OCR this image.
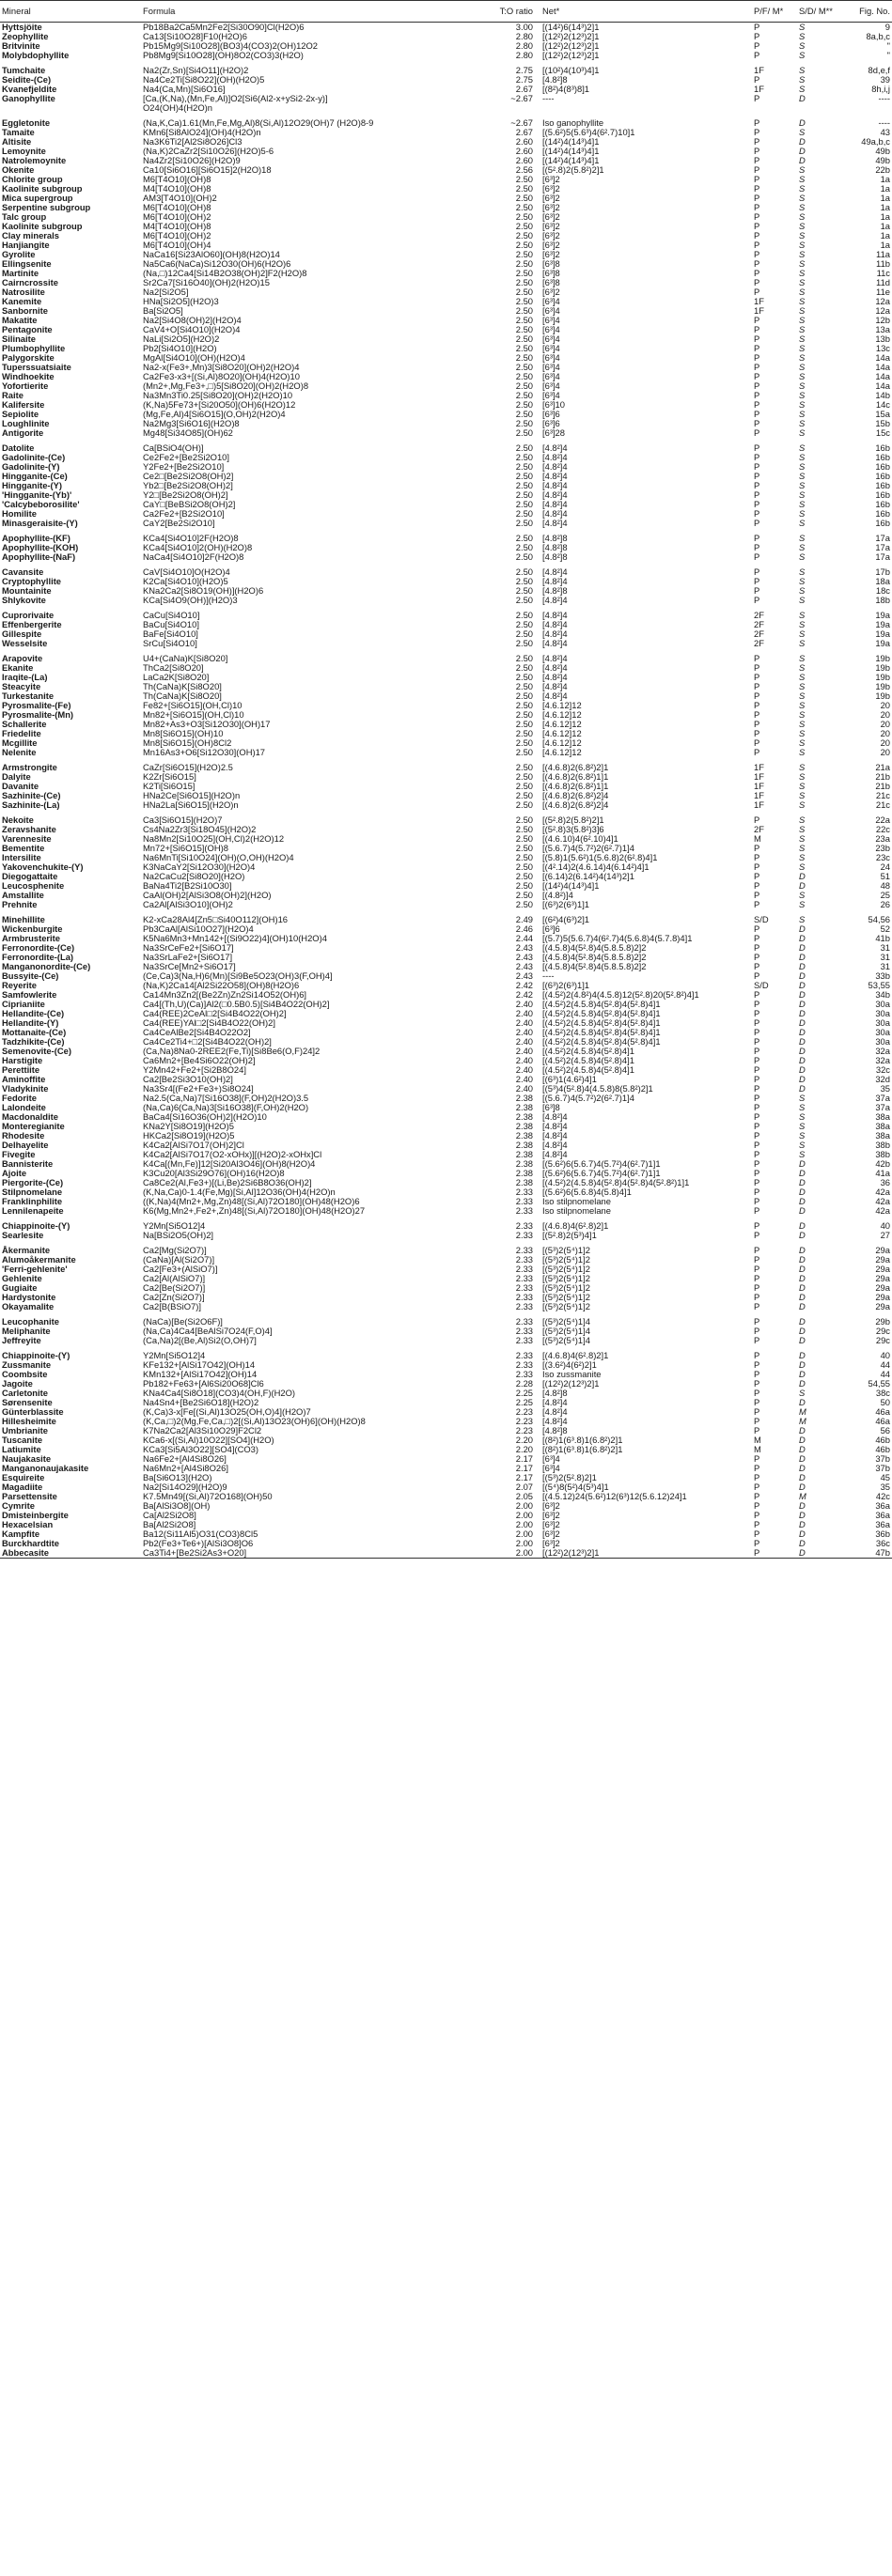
Mineral	Formula	T:O ratio	Net*	P/F/ M*	S/D/ M**	Fig. No.
Hyttsjöite	Pb18Ba2Ca5Mn2Fe2[Si30O90]Cl(H2O)6	3.00	[(14²)6(14³)2]1	P	S	9
Zeophyllite	Ca13[Si10O28]F10(H2O)6	2.80	[(12²)2(12³)2]1	P	S	8a,b,c
Britvinite	Pb15Mg9[Si10O28](BO3)4(CO3)2(OH)12O2	2.80	[(12²)2(12³)2]1	P	S	"
Molybdophyllite	Pb8Mg9[Si10O28](OH)8O2(CO3)3(H2O)	2.80	[(12²)2(12³)2]1	P	S	"

Tumchaite	Na2(Zr,Sn)[Si4O11](H2O)2	2.75	[(10²)4(10³)4]1	1F	S	8d,e,f
Seidite-(Ce)	Na4Ce2Ti[Si8O22](OH)(H2O)5	2.75	[4.8²]8	P	S	39
Kvanefjeldite	Na4(Ca,Mn)[Si6O16]	2.67	[(8²)4(8³)8]1	1F	S	8h,i,j
Ganophyllite	[Ca,(K,Na),(Mn,Fe,Al)]O2[Si6(Al2-x+ySi2-2x-y)]	~2.67	----	P	D	----
	O24(OH)4(H2O)n					

Eggletonite	(Na,K,Ca)1.61(Mn,Fe,Mg,Al)8(Si,Al)12O29(OH)7 (H2O)8-9	~2.67	Iso ganophyllite	P	D	----
Tamaite	KMn6[Si8AlO24](OH)4(H2O)n	2.67	[(5.6²)5(5.6³)4(6².7)10]1	P	S	43
Altisite	Na3K6Ti2[Al2Si8O26]Cl3	2.60	[(14²)4(14³)4]1	P	D	49a,b,c
Lemoynite	(Na,K)2CaZr2[Si10O26](H2O)5-6	2.60	[(14²)4(14³)4]1	P	D	49b
Natrolemoynite	Na4Zr2[Si10O26](H2O)9	2.60	[(14²)4(14³)4]1	P	D	49b
Okenite	Ca10[Si6O16][Si6O15]2(H2O)18	2.56	[(5².8)2(5.8²)2]1	P	S	22b
Chlorite group	M6[T4O10](OH)8	2.50	[6³]2	P	S	1a
Kaolinite subgroup	M4[T4O10](OH)8	2.50	[6³]2	P	S	1a
Mica supergroup	AM3[T4O10](OH)2	2.50	[6³]2	P	S	1a
Serpentine subgroup	M6[T4O10](OH)8	2.50	[6³]2	P	S	1a
Talc group	M6[T4O10](OH)2	2.50	[6³]2	P	S	1a
Kaolinite subgroup	M4[T4O10](OH)8	2.50	[6³]2	P	S	1a
Clay minerals	M6[T4O10](OH)2	2.50	[6³]2	P	S	1a
Hanjiangite	M6[T4O10](OH)4	2.50	[6³]2	P	S	1a
Gyrolite	NaCa16[Si23AlO60](OH)8(H2O)14	2.50	[6³]2	P	S	11a
Ellingsenite	Na5Ca6(NaCa)Si12O30(OH)6(H2O)6	2.50	[6³]8	P	S	11b
Martinite	(Na,□)12Ca4[Si14B2O38(OH)2]F2(H2O)8	2.50	[6³]8	P	S	11c
Cairncrossite	Sr2Ca7[Si16O40](OH)2(H2O)15	2.50	[6³]8	P	S	11d
Natrosilite	Na2[Si2O5]	2.50	[6³]2	P	S	11e
Kanemite	HNa[Si2O5](H2O)3	2.50	[6³]4	1F	S	12a
Sanbornite	Ba[Si2O5]	2.50	[6³]4	1F	S	12a
Makatite	Na2[Si4O8(OH)2](H2O)4	2.50	[6³]4	P	S	12b
Pentagonite	CaV4+O[Si4O10](H2O)4	2.50	[6³]4	P	S	13a
Silinaite	NaLi[Si2O5](H2O)2	2.50	[6³]4	P	S	13b
Plumbophyllite	Pb2[Si4O10](H2O)	2.50	[6³]4	P	S	13c
Palygorskite	MgAl[Si4O10](OH)(H2O)4	2.50	[6³]4	P	S	14a
Tuperssuatsiaite	Na2-x(Fe3+,Mn)3[Si8O20](OH)2(H2O)4	2.50	[6³]4	P	S	14a
Windhoekite	Ca2Fe3-x3+[(Si,Al)8O20](OH)4(H2O)10	2.50	[6³]4	P	S	14a
Yofortierite	(Mn2+,Mg,Fe3+,□)5[Si8O20](OH)2(H2O)8	2.50	[6³]4	P	S	14a
Raite	Na3Mn3Ti0.25[Si8O20](OH)2(H2O)10	2.50	[6³]4	P	S	14b
Kalifersite	(K,Na)5Fe73+[Si20O50](OH)6(H2O)12	2.50	[6³]10	P	S	14c
Sepiolite	(Mg,Fe,Al)4[Si6O15](O,OH)2(H2O)4	2.50	[6³]6	P	S	15a
Loughlinite	Na2Mg3[Si6O16](H2O)8	2.50	[6³]6	P	S	15b
Antigorite	Mg48[Si34O85](OH)62	2.50	[6³]28	P	S	15c

Datolite	Ca[BSiO4(OH)]	2.50	[4.8²]4	P	S	16b
Gadolinite-(Ce)	Ce2Fe2+[Be2Si2O10]	2.50	[4.8²]4	P	S	16b
Gadolinite-(Y)	Y2Fe2+[Be2Si2O10]	2.50	[4.8²]4	P	S	16b
Hingganite-(Ce)	Ce2□[Be2Si2O8(OH)2]	2.50	[4.8²]4	P	S	16b
Hingganite-(Y)	Yb2□[Be2Si2O8(OH)2]	2.50	[4.8²]4	P	S	16b
'Hingganite-(Yb)'	Y2□[Be2Si2O8(OH)2]	2.50	[4.8²]4	P	S	16b
'Calcybeborosilite'	CaY□[BeBSi2O8(OH)2]	2.50	[4.8²]4	P	S	16b
Homilite	Ca2Fe2+[B2Si2O10]	2.50	[4.8²]4	P	S	16b
Minasgeraisite-(Y)	CaY2[Be2Si2O10]	2.50	[4.8²]4	P	S	16b

Apophyllite-(KF)	KCa4[Si4O10]2F(H2O)8	2.50	[4.8²]8	P	S	17a
Apophyllite-(KOH)	KCa4[Si4O10]2(OH)(H2O)8	2.50	[4.8²]8	P	S	17a
Apophyllite-(NaF)	NaCa4[Si4O10]2F(H2O)8	2.50	[4.8²]8	P	S	17a

Cavansite	CaV[Si4O10]O(H2O)4	2.50	[4.8²]4	P	S	17b
Cryptophyllite	K2Ca[Si4O10](H2O)5	2.50	[4.8²]4	P	S	18a
Mountainite	KNa2Ca2[Si8O19(OH)](H2O)6	2.50	[4.8²]8	P	S	18c
Shlykovite	KCa[Si4O9(OH)](H2O)3	2.50	[4.8²]4	P	S	18b

Cuprorivaite	CaCu[Si4O10]	2.50	[4.8²]4	2F	S	19a
Effenbergerite	BaCu[Si4O10]	2.50	[4.8²]4	2F	S	19a
Gillespite	BaFe[Si4O10]	2.50	[4.8²]4	2F	S	19a
Wesselsite	SrCu[Si4O10]	2.50	[4.8²]4	2F	S	19a

Arapovite	U4+(CaNa)K[Si8O20]	2.50	[4.8²]4	P	S	19b
Ekanite	ThCa2[Si8O20]	2.50	[4.8²]4	P	S	19b
Iraqite-(La)	LaCa2K[Si8O20]	2.50	[4.8²]4	P	S	19b
Steacyite	Th(CaNa)K[Si8O20]	2.50	[4.8²]4	P	S	19b
Turkestanite	Th(CaNa)K[Si8O20]	2.50	[4.8²]4	P	S	19b
Pyrosmalite-(Fe)	Fe82+[Si6O15](OH,Cl)10	2.50	[4.6.12]12	P	S	20
Pyrosmalite-(Mn)	Mn82+[Si6O15](OH,Cl)10	2.50	[4.6.12]12	P	S	20
Schallerite	Mn82+As3+O3[Si12O30](OH)17	2.50	[4.6.12]12	P	S	20
Friedelite	Mn8[Si6O15](OH)10	2.50	[4.6.12]12	P	S	20
Mcgillite	Mn8[Si6O15](OH)8Cl2	2.50	[4.6.12]12	P	S	20
Nelenite	Mn16As3+O6[Si12O30](OH)17	2.50	[4.6.12]12	P	S	20

Armstrongite	CaZr[Si6O15](H2O)2.5	2.50	[(4.6.8)2(6.8²)2]1	1F	S	21a
Dalyite	K2Zr[Si6O15]	2.50	[(4.6.8)2(6.8²)1]1	1F	S	21b
Davanite	K2Ti[Si6O15]	2.50	[(4.6.8)2(6.8²)1]1	1F	S	21b
Sazhinite-(Ce)	HNa2Ce[Si6O15](H2O)n	2.50	[(4.6.8)2(6.8²)2]4	1F	S	21c
Sazhinite-(La)	HNa2La[Si6O15](H2O)n	2.50	[(4.6.8)2(6.8²)2]4	1F	S	21c

Nekoite	Ca3[Si6O15](H2O)7	2.50	[(5².8)2(5.8²)2]1	P	S	22a
Zeravshanite	Cs4Na2Zr3[Si18O45](H2O)2	2.50	[(5².8)3(5.8²)3]6	2F	S	22c
Varennesite	Na8Mn2[Si10O25](OH,Cl)2(H2O)12	2.50	[(4.6.10)4(6².10)4]1	M	S	23a
Bementite	Mn72+[Si6O15](OH)8	2.50	[(5.6.7)4(5.7²)2(6².7)1]4	P	S	23b
Intersilite	Na6MnTi[Si10O24](OH)(O,OH)(H2O)4	2.50	[(5.8)1(5.6²)1(5.6.8)2(6².8)4]1	P	S	23c
Yakovenchukite-(Y)	K3NaCaY2[Si12O30](H2O)4	2.50	[(4².14)2(4.6.14)4(6.14²)4]1	P	S	24
Diegogattaite	Na2CaCu2[Si8O20](H2O)	2.50	[(6.14)2(6.14²)4(14³)2]1	P	D	51
Leucosphenite	BaNa4Ti2[B2Si10O30]	2.50	[(14²)4(14³)4]1	P	D	48
Amstallite	CaAl(OH)2[AlSi3O8(OH)2](H2O)	2.50	[(4.8²)]4	P	S	25
Prehnite	Ca2Al[AlSi3O10](OH)2	2.50	[(6³)2(6³)1]1	P	S	26

Minehillite	K2-xCa28Al4[Zn5□Si40O112](OH)16	2.49	[(6²)4(6³)2]1	S/D	S	54,56
Wickenburgite	Pb3CaAl[AlSi10O27](H2O)4	2.46	[6³]6	P	D	52
Armbrusterite	K5Na6Mn3+Mn142+[(Si9O22)4](OH)10(H2O)4	2.44	[(5.7)5(5.6.7)4(6².7)4(5.6.8)4(5.7.8)4]1	P	D	41b
Ferronordite-(Ce)	Na3SrCeFe2+[Si6O17]	2.43	[(4.5.8)4(5².8)4(5.8.5.8)2]2	P	D	31
Ferronordite-(La)	Na3SrLaFe2+[Si6O17]	2.43	[(4.5.8)4(5².8)4(5.8.5.8)2]2	P	D	31
Manganonordite-(Ce)	Na3SrCe[Mn2+Si6O17]	2.43	[(4.5.8)4(5².8)4(5.8.5.8)2]2	P	D	31
Bussyite-(Ce)	(Ce,Ca)3(Na,H)6(Mn)[Si9Be5O23(OH)3(F,OH)4]	2.43	----	P	D	33b
Reyerite	(Na,K)2Ca14[Al2Si22O58](OH)8(H2O)6	2.42	[(6³)2(6³)1]1	S/D	D	53,55
Samfowlerite	Ca14Mn3Zn2[(Be2Zn)Zn2Si14O52(OH)6]	2.42	[(4.5²)2(4.8²)4(4.5.8)12(5².8)20(5².8²)4]1	P	D	34b
Ciprianiite	Ca4[(Th,U)(Ca)]Al2(□0.5B0.5)[Si4B4O22(OH)2]	2.40	[(4.5²)2(4.5.8)4(5².8)4(5².8)4]1	P	D	30a
Hellandite-(Ce)	Ca4(REE)2CeAl□2[Si4B4O22(OH)2]	2.40	[(4.5²)2(4.5.8)4(5².8)4(5².8)4]1	P	D	30a
Hellandite-(Y)	Ca4(REE)YAl□2[Si4B4O22(OH)2]	2.40	[(4.5²)2(4.5.8)4(5².8)4(5².8)4]1	P	D	30a
Mottanaite-(Ce)	Ca4CeAlBe2[Si4B4O22O2]	2.40	[(4.5²)2(4.5.8)4(5².8)4(5².8)4]1	P	D	30a
Tadzhikite-(Ce)	Ca4Ce2Ti4+□2[Si4B4O22(OH)2]	2.40	[(4.5²)2(4.5.8)4(5².8)4(5².8)4]1	P	D	30a
Semenovite-(Ce)	(Ca,Na)8Na0-2REE2(Fe,Ti)[Si8Be6(O,F)24]2	2.40	[(4.5²)2(4.5.8)4(5².8)4]1	P	D	32a
Harstigite	Ca6Mn2+[Be4Si6O22(OH)2]	2.40	[(4.5²)2(4.5.8)4(5².8)4]1	P	D	32a
Perettiite	Y2Mn42+Fe2+[Si2B8O24]	2.40	[(4.5²)2(4.5.8)4(5².8)4]1	P	D	32c
Aminoffite	Ca2[Be2Si3O10(OH)2]	2.40	[(6³)1(4.6²)4]1	P	D	32d
Vladykinite	Na3Sr4[(Fe2+Fe3+)Si8O24]	2.40	[(5³)4(5².8)4(4.5.8)8(5.8²)2]1	P	D	35
Fedorite	Na2.5(Ca,Na)7[Si16O38](F,OH)2(H2O)3.5	2.38	[(5.6.7)4(5.7²)2(6².7)1]4	P	S	37a
Lalondeite	(Na,Ca)6(Ca,Na)3[Si16O38](F,OH)2(H2O)	2.38	[6³]8	P	S	37a
Macdonaldite	BaCa4[Si16O36(OH)2](H2O)10	2.38	[4.8²]4	P	S	38a
Monteregianite	KNa2Y[Si8O19](H2O)5	2.38	[4.8²]4	P	S	38a
Rhodesite	HKCa2[Si8O19](H2O)5	2.38	[4.8²]4	P	S	38a
Delhayelite	K4Ca2[AlSi7O17(OH)2]Cl	2.38	[4.8²]4	P	S	38b
Fivegite	K4Ca2[AlSi7O17(O2-xOHx)][(H2O)2-xOHx]Cl	2.38	[4.8²]4	P	S	38b
Bannisterite	K4Ca[(Mn,Fe)]12[Si20Al3O46](OH)8(H2O)4	2.38	[(5.6²)6(5.6.7)4(5.7²)4(6².7)1]1	P	D	42b
Ajoite	K3Cu20[Al3Si29O76](OH)16(H2O)8	2.38	[(5.6²)6(5.6.7)4(5.7²)4(6².7)1]1	P	D	41a
Piergorite-(Ce)	Ca8Ce2(Al,Fe3+)[(Li,Be)2Si6B8O36(OH)2]	2.38	[(4.5²)2(4.5.8)4(5².8)4(5².8)4(5².8²)1]1	P	D	36
Stilpnomelane	(K,Na,Ca)0-1.4(Fe,Mg)[Si,Al]12O36(OH)4(H2O)n	2.33	[(5.6²)6(5.6.8)4(5.8)4]1	P	D	42a
Franklinphilite	((K,Na)4(Mn2+,Mg,Zn)48[(Si,Al)72O180](OH)48(H2O)6	2.33	Iso stilpnomelane	P	D	42a
Lennilenapeite	K6(Mg,Mn2+,Fe2+,Zn)48[(Si,Al)72O180](OH)48(H2O)27	2.33	Iso stilpnomelane	P	D	42a

Chiappinoite-(Y)	Y2Mn[Si5O12]4	2.33	[(4.6.8)4(6².8)2]1	P	D	40
Searlesite	Na[BSi2O5(OH)2]	2.33	[(5².8)2(5³)4]1	P	D	27

Åkermanite	Ca2[Mg(Si2O7)]	2.33	[(5³)2(5⁴)1]2	P	D	29a
Alumoåkermanite	(CaNa)[Al(Si2O7)]	2.33	[(5³)2(5⁴)1]2	P	D	29a
'Ferri-gehlenite'	Ca2[Fe3+(AlSiO7)]	2.33	[(5³)2(5⁴)1]2	P	D	29a
Gehlenite	Ca2[Al(AlSiO7)]	2.33	[(5³)2(5⁴)1]2	P	D	29a
Gugiaite	Ca2[Be(Si2O7)]	2.33	[(5³)2(5⁴)1]2	P	D	29a
Hardystonite	Ca2[Zn(Si2O7)]	2.33	[(5³)2(5⁴)1]2	P	D	29a
Okayamalite	Ca2[B(BSiO7)]	2.33	[(5³)2(5⁴)1]2	P	D	29a

Leucophanite	(NaCa)[Be(Si2O6F)]	2.33	[(5³)2(5⁴)1]4	P	D	29b
Meliphanite	(Na,Ca)4Ca4[BeAlSi7O24(F,O)4]	2.33	[(5³)2(5⁴)1]4	P	D	29c
Jeffreyite	(Ca,Na)2[(Be,Al)Si2(O,OH)7]	2.33	[(5³)2(5⁴)1]4	P	D	29c

Chiappinoite-(Y)	Y2Mn[Si5O12]4	2.33	[(4.6.8)4(6².8)2]1	P	D	40
Zussmanite	KFe132+[AlSi17O42](OH)14	2.33	[(3.6²)4(6²)2]1	P	D	44
Coombsite	KMn132+[AlSi17O42](OH)14	2.33	Iso zussmanite	P	D	44
Jagoite	Pb182+Fe63+[Al6Si20O68]Cl6	2.28	[(12²)2(12³)2]1	P	D	54,55
Carletonite	KNa4Ca4[Si8O18](CO3)4(OH,F)(H2O)	2.25	[4.8²]8	P	S	38c
Sørensenite	Na4Sn4+[Be2Si6O18](H2O)2	2.25	[4.8²]4	P	D	50
Günterblassite	(K,Ca)3-x[Fe[(Si,Al)13O25(OH,O)4](H2O)7	2.23	[4.8²]4	P	M	46a
Hillesheimite	(K,Ca,□)2(Mg,Fe,Ca,□)2[(Si,Al)13O23(OH)6](OH)(H2O)8	2.23	[4.8²]4	P	M	46a
Umbrianite	K7Na2Ca2[Al3Si10O29]F2Cl2	2.23	[4.8²]8	P	D	56
Tuscanite	KCa6-x[(Si,Al)10O22][SO4](H2O)	2.20	[(8²)1(6³.8)1(6.8²)2]1	M	D	46b
Latiumite	KCa3[Si5Al3O22][SO4](CO3)	2.20	[(8²)1(6³.8)1(6.8²)2]1	M	D	46b
Naujakasite	Na6Fe2+[Al4Si8O26]	2.17	[6³]4	P	D	37b
Manganonaujakasite	Na6Mn2+[Al4Si8O26]	2.17	[6³]4	P	D	37b
Esquireite	Ba[Si6O13](H2O)	2.17	[(5³)2(5².8)2]1	P	D	45
Magadiite	Na2[Si14O29](H2O)9	2.07	[(5⁴)8(5²)4(5³)4]1	P	D	35
Parsettensite	K7.5Mn49[(Si,Al)72O168](OH)50	2.05	[(4.5.12)24(5.6²)12(6³)12(5.6.12)24]1	P	M	42c
Cymrite	Ba[AlSi3O8](OH)	2.00	[6³]2	P	D	36a
Dmisteinbergite	Ca[Al2Si2O8]	2.00	[6³]2	P	D	36a
Hexacelsian	Ba[Al2Si2O8]	2.00	[6³]2	P	D	36a
Kampfite	Ba12(Si11Al5)O31(CO3)8Cl5	2.00	[6³]2	P	D	36b
Burckhardtite	Pb2(Fe3+Te6+)[AlSi3O8]O6	2.00	[6³]2	P	D	36c
Abbecasite	Ca3Ti4+[Be2Si2As3+O20]	2.00	[(12²)2(12³)2]1	P	D	47b
